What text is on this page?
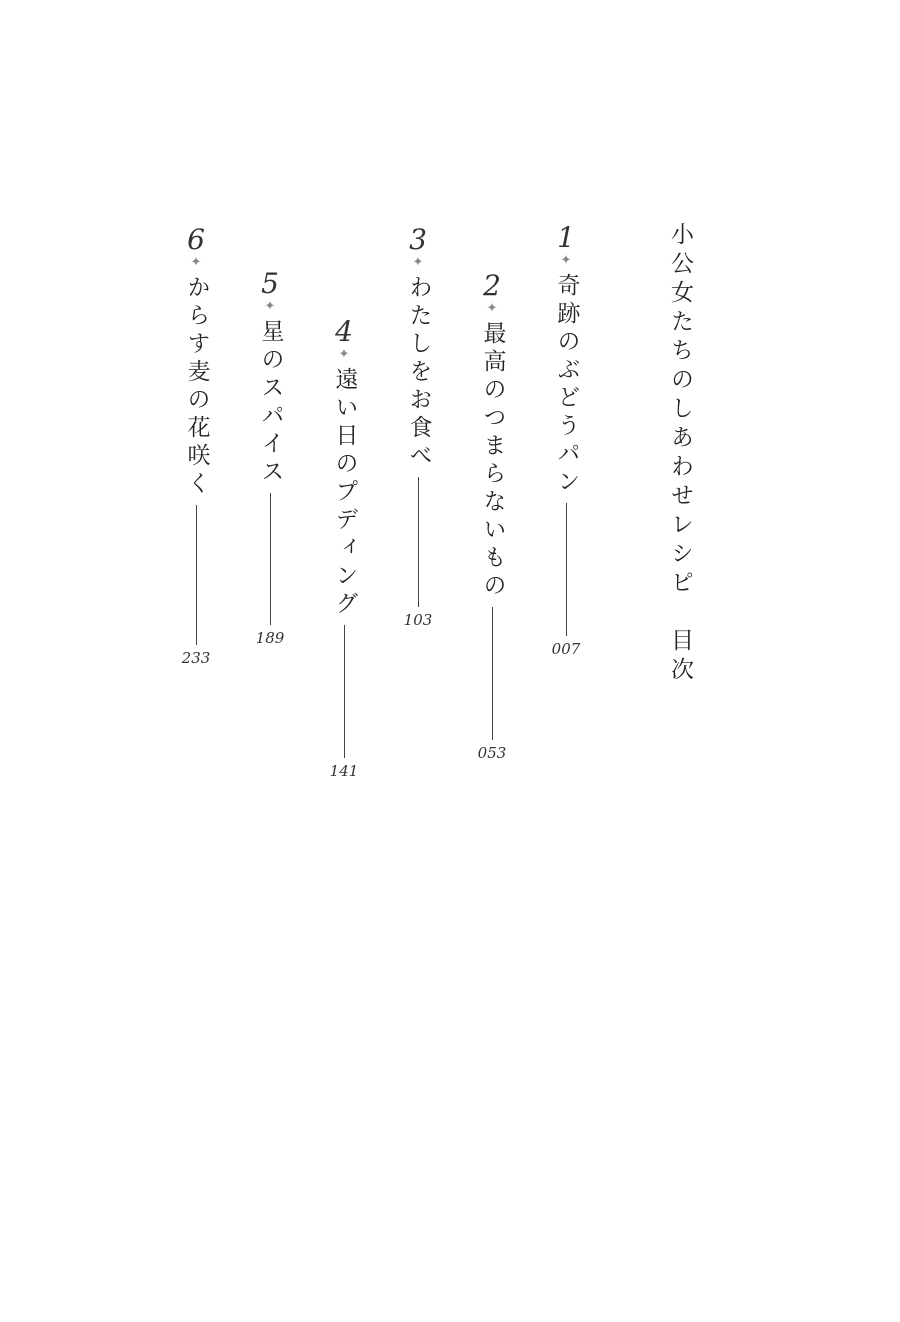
小公女たちのしあわせレシピ　目次
1
✦
奇跡のぶどうパン
007
2
✦
最高のつまらないもの
053
3
✦
わたしをお食べ
103
4
✦
遠い日のプディング
141
5
✦
星のスパイス
189
6
✦
からす麦の花咲く
233
